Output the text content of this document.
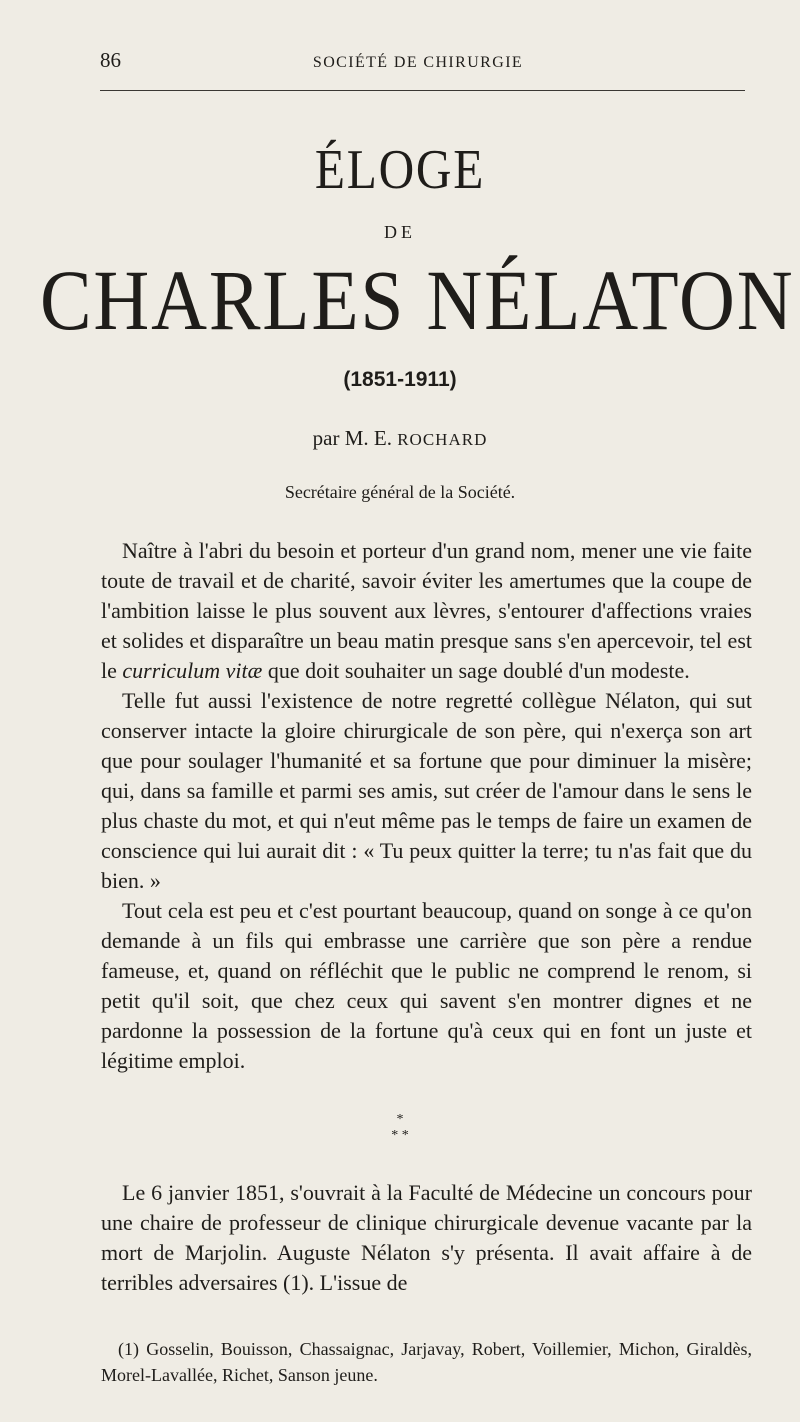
86	SOCIÉTÉ DE CHIRURGIE
ÉLOGE
DE
CHARLES NÉLATON
(1851-1911)
par M. E. ROCHARD
Secrétaire général de la Société.

Naître à l'abri du besoin et porteur d'un grand nom, mener une vie faite toute de travail et de charité, savoir éviter les amertumes que la coupe de l'ambition laisse le plus souvent aux lèvres, s'entourer d'affections vraies et solides et disparaître un beau matin presque sans s'en apercevoir, tel est le curriculum vitæ que doit souhaiter un sage doublé d'un modeste.

Telle fut aussi l'existence de notre regretté collègue Nélaton, qui sut conserver intacte la gloire chirurgicale de son père, qui n'exerça son art que pour soulager l'humanité et sa fortune que pour diminuer la misère; qui, dans sa famille et parmi ses amis, sut créer de l'amour dans le sens le plus chaste du mot, et qui n'eut même pas le temps de faire un examen de conscience qui lui aurait dit : « Tu peux quitter la terre; tu n'as fait que du bien. »

Tout cela est peu et c'est pourtant beaucoup, quand on songe à ce qu'on demande à un fils qui embrasse une carrière que son père a rendue fameuse, et, quand on réfléchit que le public ne comprend le renom, si petit qu'il soit, que chez ceux qui savent s'en montrer dignes et ne pardonne la possession de la fortune qu'à ceux qui en font un juste et légitime emploi.

*
* *

Le 6 janvier 1851, s'ouvrait à la Faculté de Médecine un concours pour une chaire de professeur de clinique chirurgicale devenue vacante par la mort de Marjolin. Auguste Nélaton s'y présenta. Il avait affaire à de terribles adversaires (1). L'issue de

(1) Gosselin, Bouisson, Chassaignac, Jarjavay, Robert, Voillemier, Michon, Giraldès, Morel-Lavallée, Richet, Sanson jeune.
